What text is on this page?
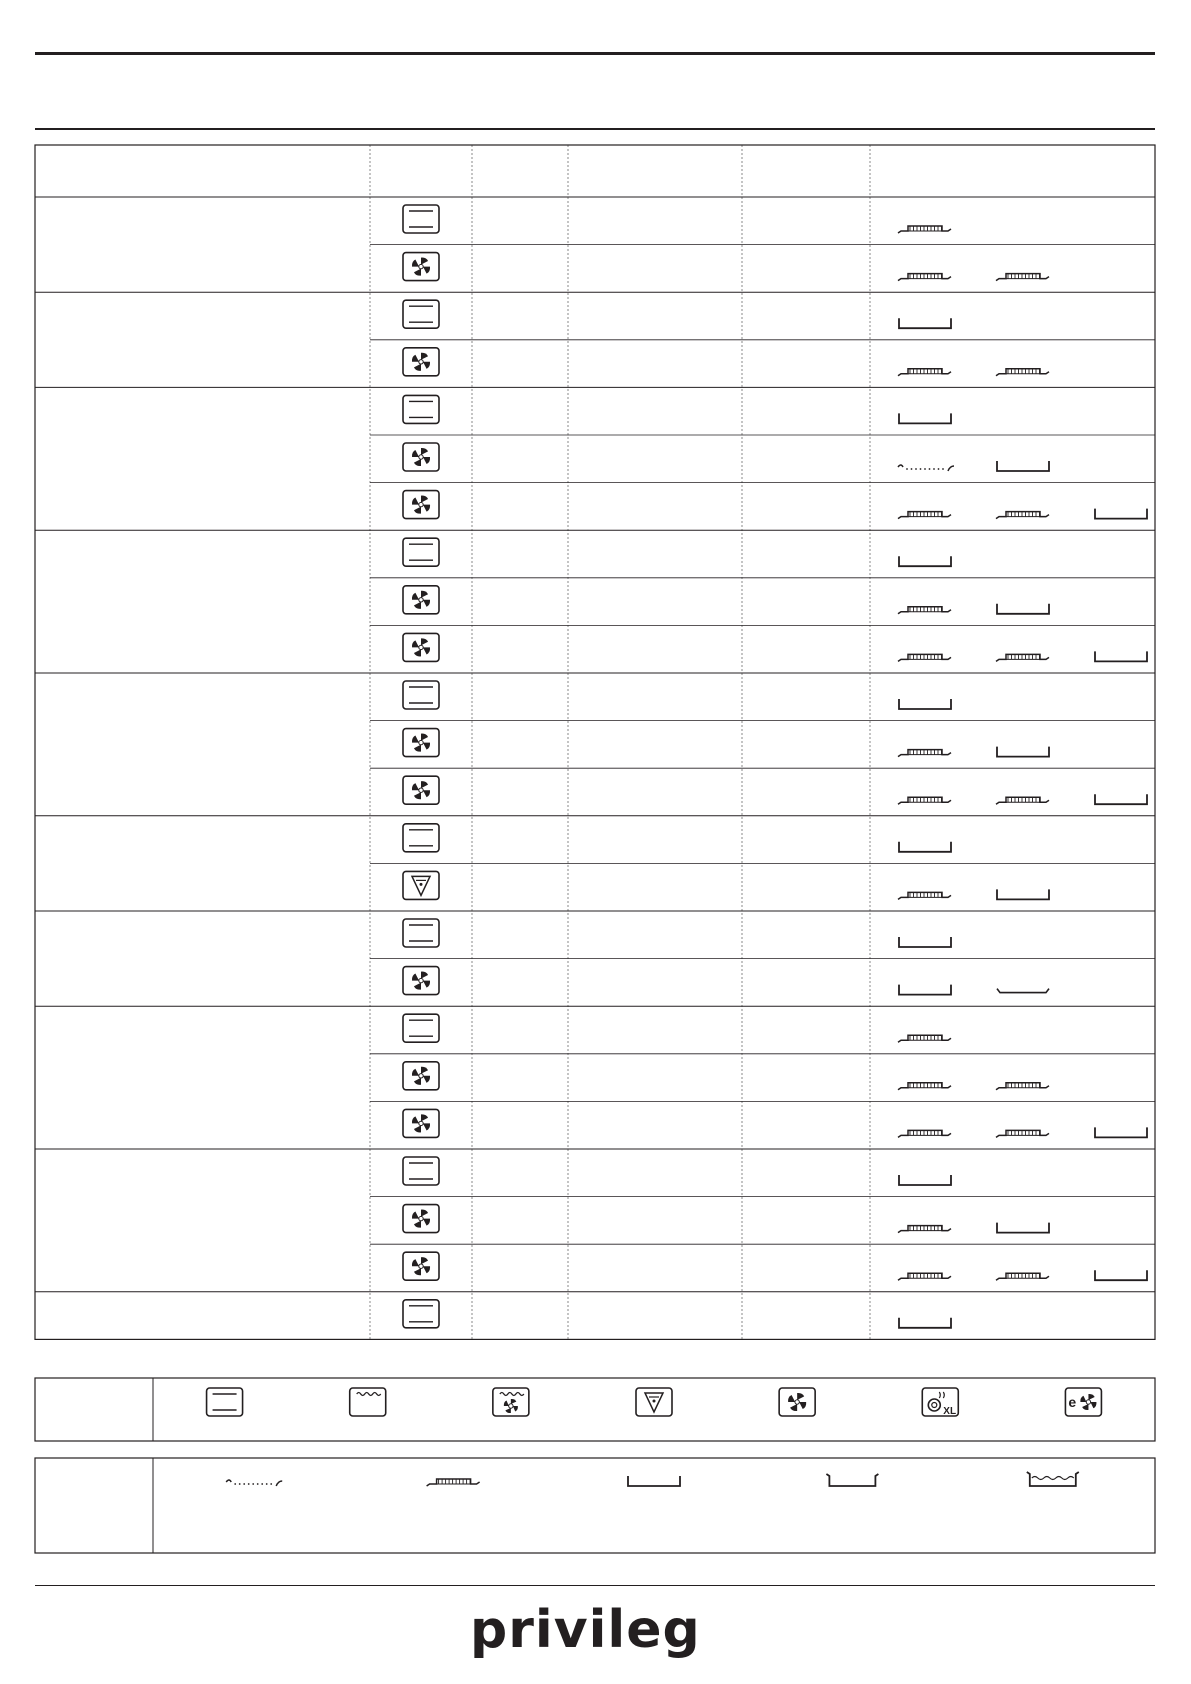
XL
e
privileg
